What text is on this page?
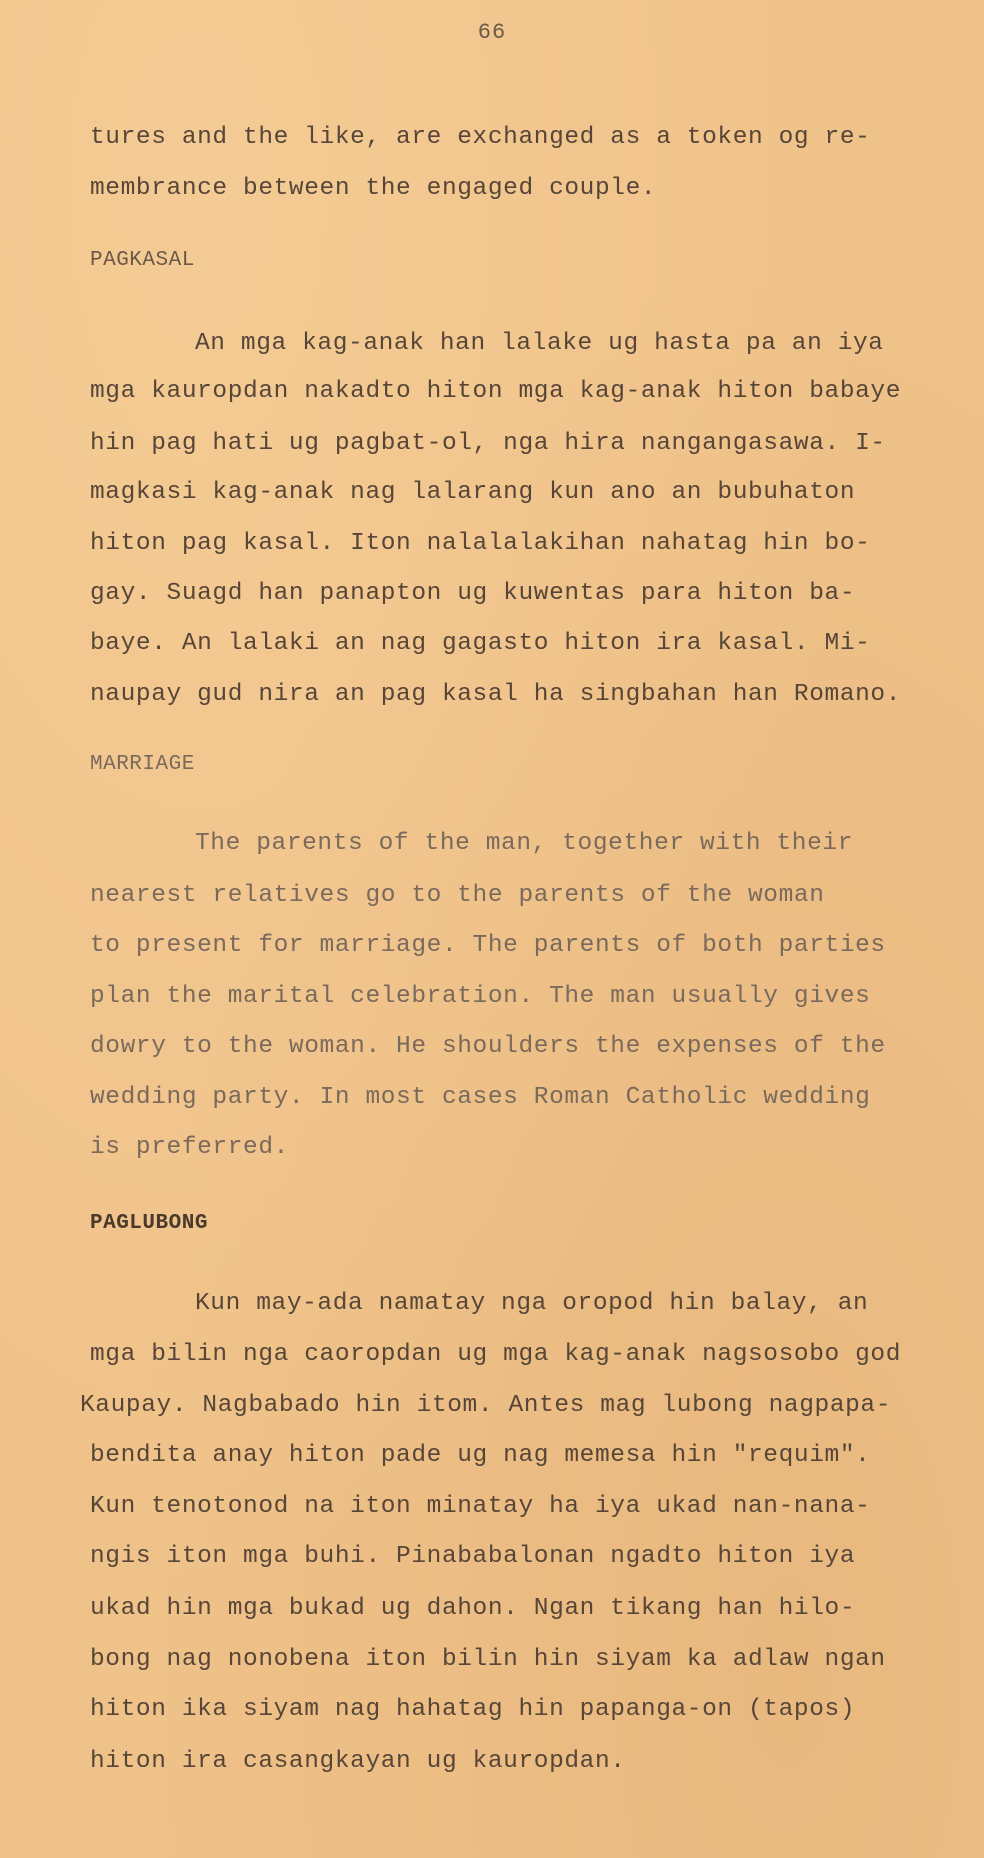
66
tures and the like, are exchanged as a token og re-
membrance between the engaged couple.
PAGKASAL
An mga kag-anak han lalake ug hasta pa an iya
mga kauropdan nakadto hiton mga kag-anak hiton babaye
hin pag hati ug pagbat-ol, nga hira nangangasawa. I-
magkasi kag-anak nag lalarang kun ano an bubuhaton
hiton pag kasal. Iton nalalalakihan nahatag hin bo-
gay. Suagd han panapton ug kuwentas para hiton ba-
baye. An lalaki an nag gagasto hiton ira kasal. Mi-
naupay gud nira an pag kasal ha singbahan han Romano.
MARRIAGE
The parents of the man, together with their
nearest relatives go to the parents of the woman
to present for marriage. The parents of both parties
plan the marital celebration. The man usually gives
dowry to the woman. He shoulders the expenses of the
wedding party. In most cases Roman Catholic wedding
is preferred.
PAGLUBONG
Kun may-ada namatay nga oropod hin balay, an
mga bilin nga caoropdan ug mga kag-anak nagsosobo god
Kaupay. Nagbabado hin itom. Antes mag lubong nagpapa-
bendita anay hiton pade ug nag memesa hin "requim".
Kun tenotonod na iton minatay ha iya ukad nan-nana-
ngis iton mga buhi. Pinababalonan ngadto hiton iya
ukad hin mga bukad ug dahon. Ngan tikang han hilo-
bong nag nonobena iton bilin hin siyam ka adlaw ngan
hiton ika siyam nag hahatag hin papanga-on (tapos)
hiton ira casangkayan ug kauropdan.
